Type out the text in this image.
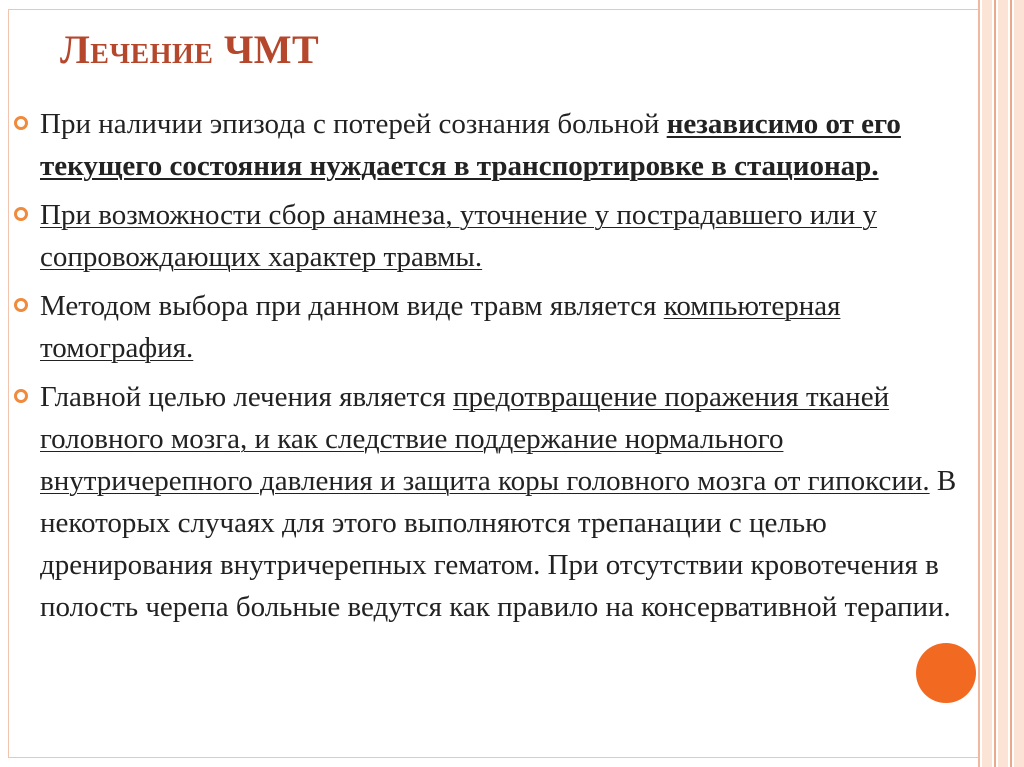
Лечение ЧМТ
При наличии эпизода с потерей сознания больной независимо от его текущего состояния нуждается в транспортировке в стационар.
При возможности сбор анамнеза, уточнение у пострадавшего или у сопровождающих характер травмы.
Методом выбора при данном виде травм является компьютерная томография.
Главной целью лечения является предотвращение поражения тканей головного мозга, и как следствие поддержание нормального внутричерепного давления и защита коры головного мозга от гипоксии. В некоторых случаях для этого выполняются трепанации с целью дренирования внутричерепных гематом. При отсутствии кровотечения в полость черепа больные ведутся как правило на консервативной терапии.
